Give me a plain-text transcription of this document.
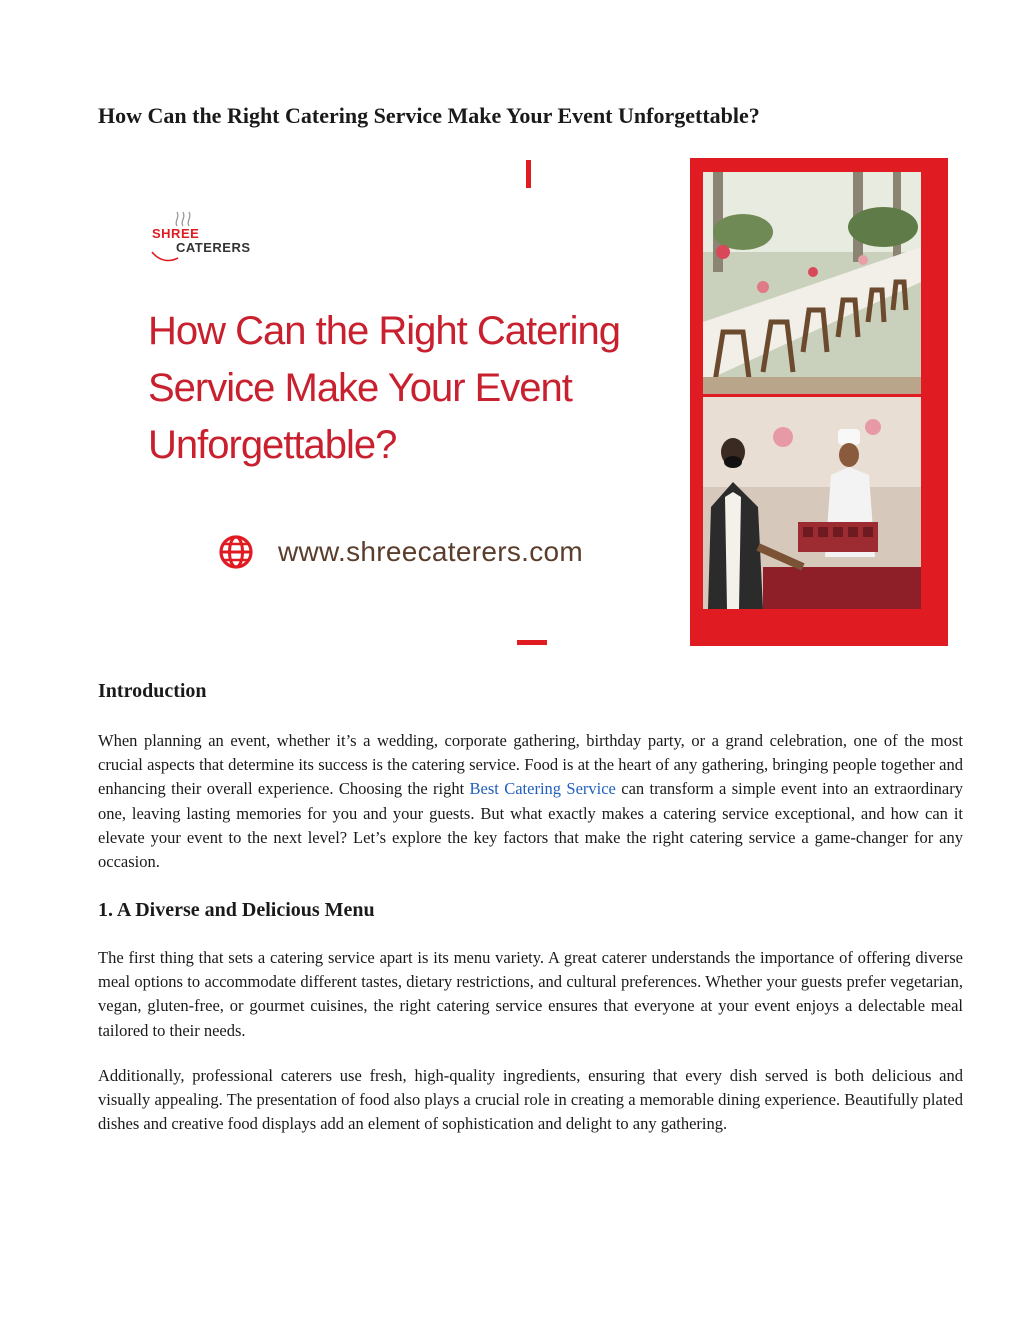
How Can the Right Catering Service Make Your Event Unforgettable?
SHREE
CATERERS
How Can the Right Catering
Service Make Your Event
Unforgettable?
www.shreecaterers.com
Introduction

When planning an event, whether it’s a wedding, corporate gathering, birthday party, or a grand celebration, one of the most crucial aspects that determine its success is the catering service. Food is at the heart of any gathering, bringing people together and enhancing their overall experience. Choosing the right Best Catering Service can transform a simple event into an extraordinary one, leaving lasting memories for you and your guests. But what exactly makes a catering service exceptional, and how can it elevate your event to the next level? Let’s explore the key factors that make the right catering service a game-changer for any occasion.

1. A Diverse and Delicious Menu

The first thing that sets a catering service apart is its menu variety. A great caterer understands the importance of offering diverse meal options to accommodate different tastes, dietary restrictions, and cultural preferences. Whether your guests prefer vegetarian, vegan, gluten-free, or gourmet cuisines, the right catering service ensures that everyone at your event enjoys a delectable meal tailored to their needs.

Additionally, professional caterers use fresh, high-quality ingredients, ensuring that every dish served is both delicious and visually appealing. The presentation of food also plays a crucial role in creating a memorable dining experience. Beautifully plated dishes and creative food displays add an element of sophistication and delight to any gathering.
